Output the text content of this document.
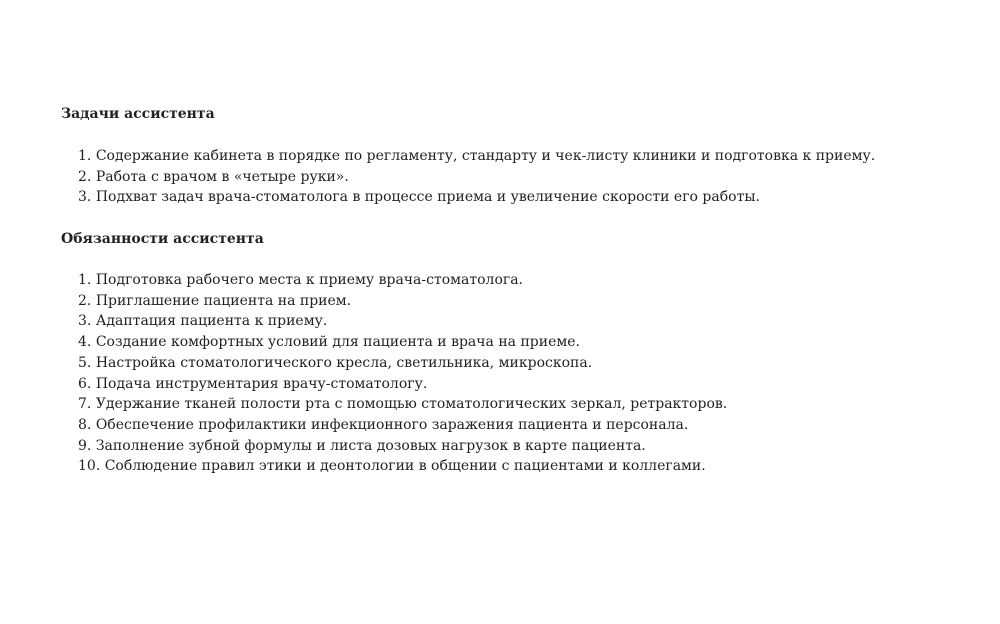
Задачи ассистента
1. Содержание кабинета в порядке по регламенту, стандарту и чек-листу клиники и подготовка к приему.
2. Работа с врачом в «четыре руки».
3. Подхват задач врача-стоматолога в процессе приема и увеличение скорости его работы.
Обязанности ассистента
1. Подготовка рабочего места к приему врача-стоматолога.
2. Приглашение пациента на прием.
3. Адаптация пациента к приему.
4. Создание комфортных условий для пациента и врача на приеме.
5. Настройка стоматологического кресла, светильника, микроскопа.
6. Подача инструментария врачу-стоматологу.
7. Удержание тканей полости рта с помощью стоматологических зеркал, ретракторов.
8. Обеспечение профилактики инфекционного заражения пациента и персонала.
9. Заполнение зубной формулы и листа дозовых нагрузок в карте пациента.
10. Соблюдение правил этики и деонтологии в общении с пациентами и коллегами.
